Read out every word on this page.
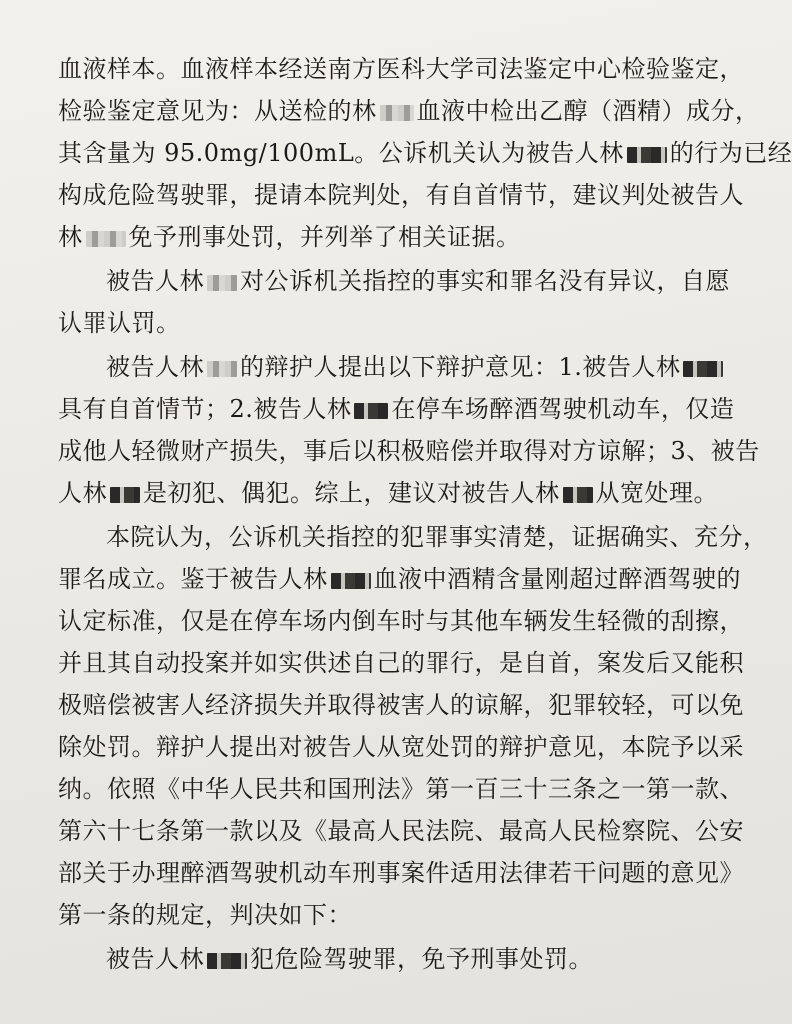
血液样本。血液样本经送南方医科大学司法鉴定中心检验鉴定，
检验鉴定意见为：从送检的林 血液中检出乙醇（酒精）成分，
其含量为 95.0mg/100mL。公诉机关认为被告人林 的行为已经
构成危险驾驶罪，提请本院判处，有自首情节，建议判处被告人
林 免予刑事处罚，并列举了相关证据。
被告人林 对公诉机关指控的事实和罪名没有异议，自愿
认罪认罚。
被告人林 的辩护人提出以下辩护意见：1.被告人林
具有自首情节；2.被告人林 在停车场醉酒驾驶机动车，仅造
成他人轻微财产损失，事后以积极赔偿并取得对方谅解；3、被告
人林 是初犯、偶犯。综上，建议对被告人林 从宽处理。
本院认为，公诉机关指控的犯罪事实清楚，证据确实、充分，
罪名成立。鉴于被告人林 血液中酒精含量刚超过醉酒驾驶的
认定标准，仅是在停车场内倒车时与其他车辆发生轻微的刮擦，
并且其自动投案并如实供述自己的罪行，是自首，案发后又能积
极赔偿被害人经济损失并取得被害人的谅解，犯罪较轻，可以免
除处罚。辩护人提出对被告人从宽处罚的辩护意见，本院予以采
纳。依照《中华人民共和国刑法》第一百三十三条之一第一款、
第六十七条第一款以及《最高人民法院、最高人民检察院、公安
部关于办理醉酒驾驶机动车刑事案件适用法律若干问题的意见》
第一条的规定，判决如下：
被告人林 犯危险驾驶罪，免予刑事处罚。
